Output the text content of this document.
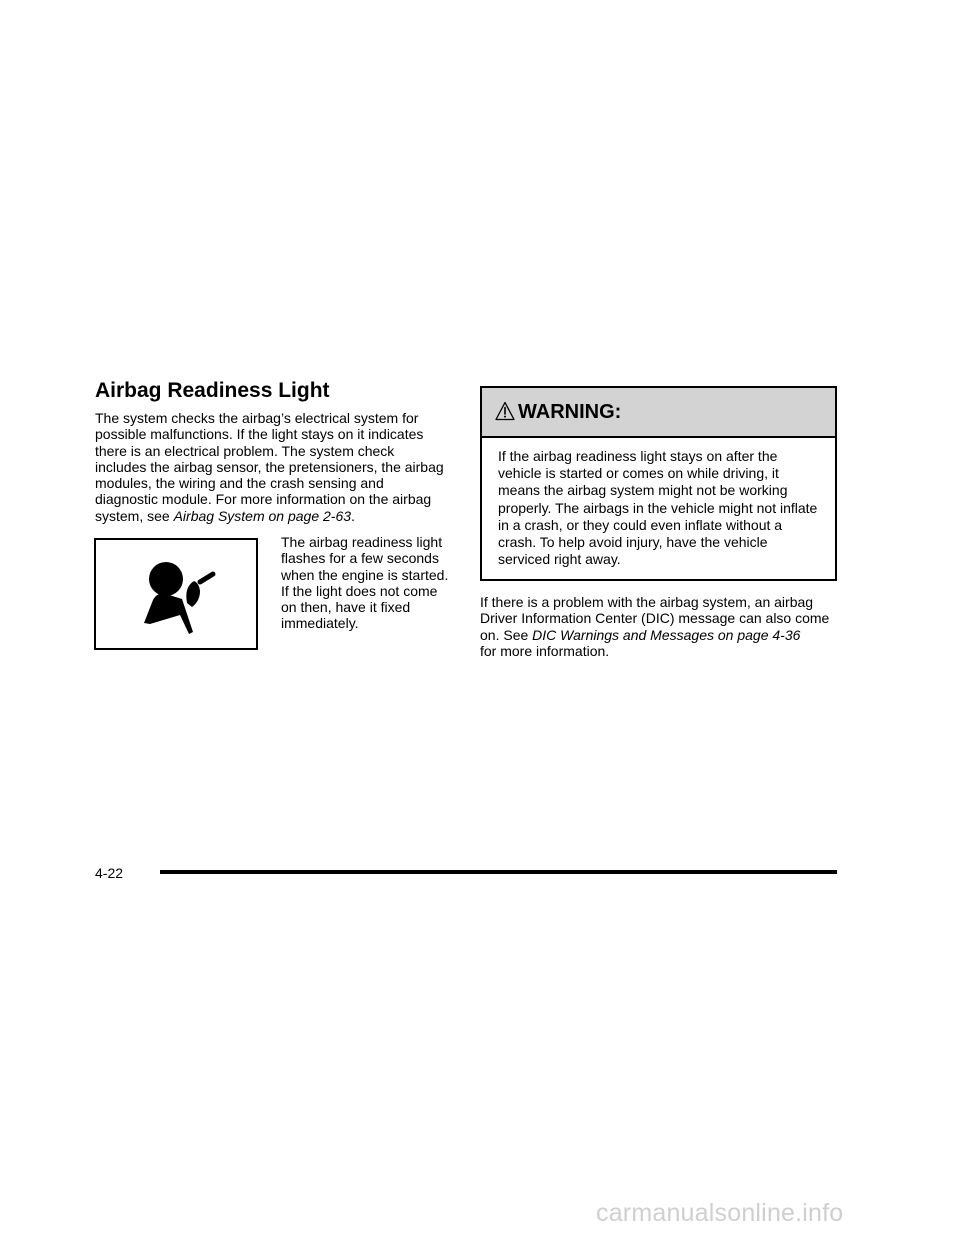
Airbag Readiness Light

The system checks the airbag’s electrical system for possible malfunctions. If the light stays on it indicates there is an electrical problem. The system check includes the airbag sensor, the pretensioners, the airbag modules, the wiring and the crash sensing and diagnostic module. For more information on the airbag system, see Airbag System on page 2-63.

The airbag readiness light flashes for a few seconds when the engine is started. If the light does not come on then, have it fixed immediately.

WARNING:

If the airbag readiness light stays on after the vehicle is started or comes on while driving, it means the airbag system might not be working properly. The airbags in the vehicle might not inflate in a crash, or they could even inflate without a crash. To help avoid injury, have the vehicle serviced right away.

If there is a problem with the airbag system, an airbag Driver Information Center (DIC) message can also come on. See DIC Warnings and Messages on page 4-36
for more information.

4-22
carmanualsonline.info
